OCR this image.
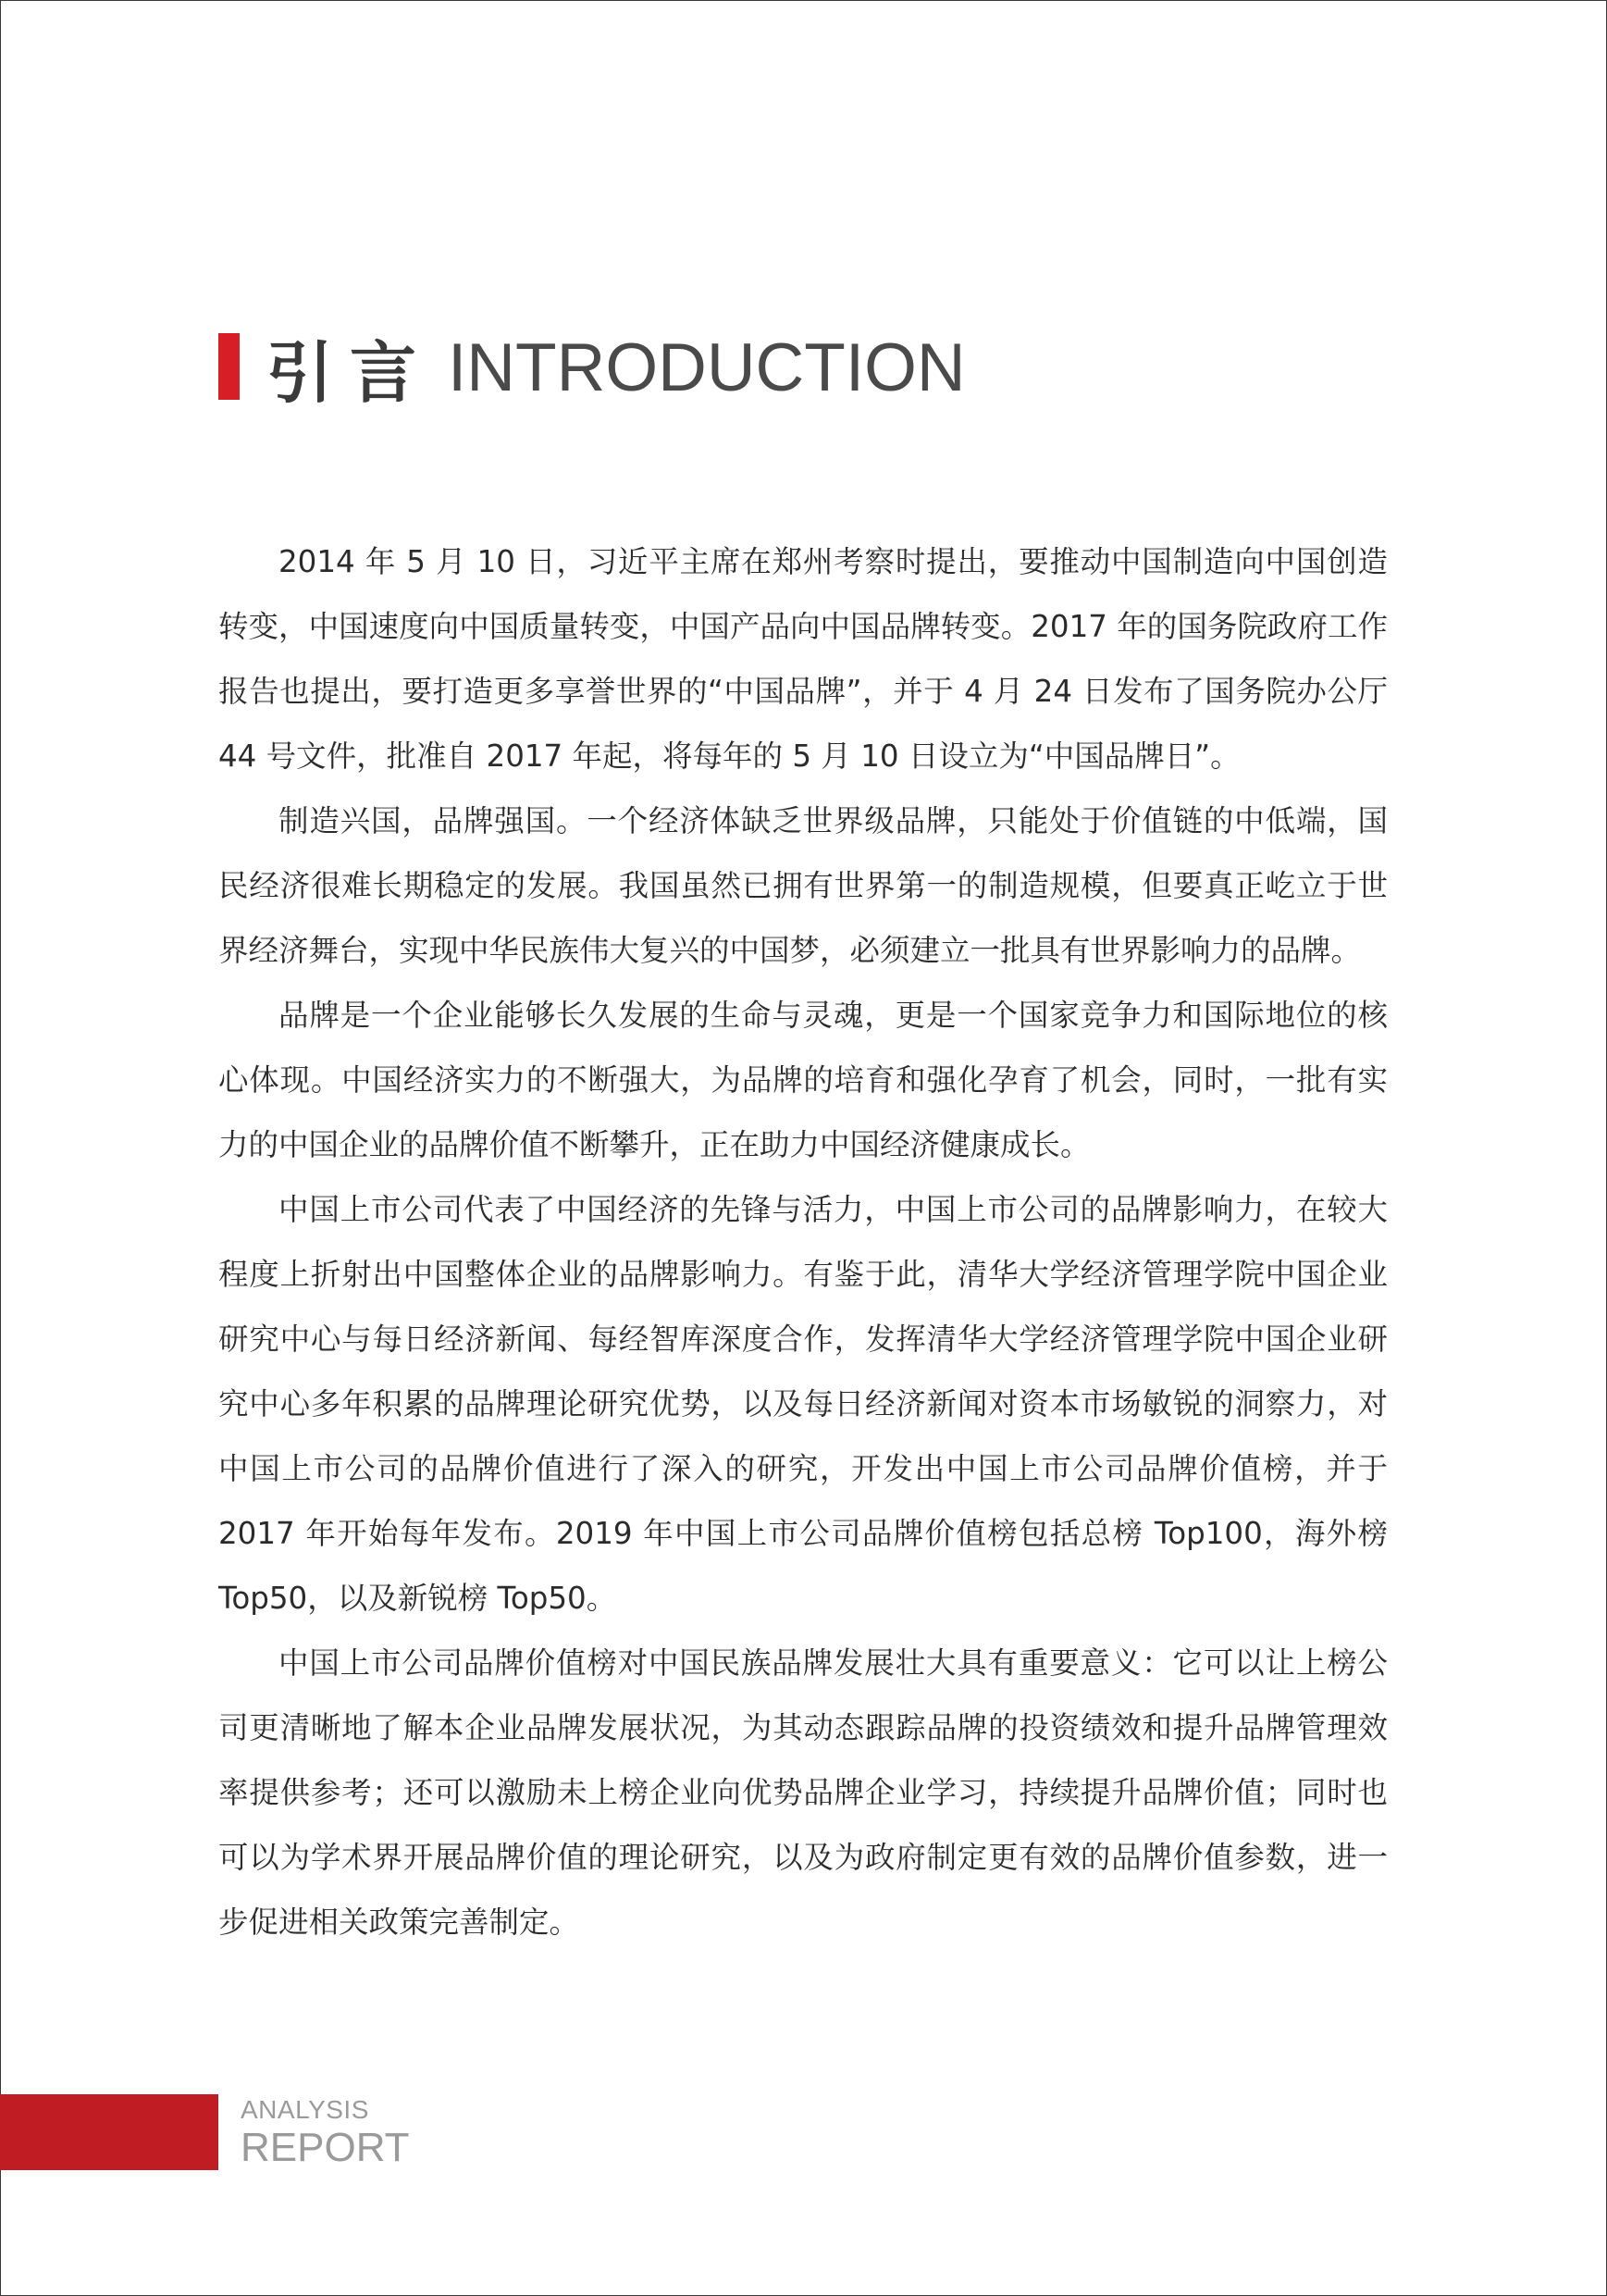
引言 INTRODUCTION

2014 年 5 月 10 日，习近平主席在郑州考察时提出，要推动中国制造向中国创造转变，中国速度向中国质量转变，中国产品向中国品牌转变。2017 年的国务院政府工作报告也提出，要打造更多享誉世界的“中国品牌”，并于 4 月 24 日发布了国务院办公厅 44 号文件，批准自 2017 年起，将每年的 5 月 10 日设立为“中国品牌日”。

制造兴国，品牌强国。一个经济体缺乏世界级品牌，只能处于价值链的中低端，国民经济很难长期稳定的发展。我国虽然已拥有世界第一的制造规模，但要真正屹立于世界经济舞台，实现中华民族伟大复兴的中国梦，必须建立一批具有世界影响力的品牌。

品牌是一个企业能够长久发展的生命与灵魂，更是一个国家竞争力和国际地位的核心体现。中国经济实力的不断强大，为品牌的培育和强化孕育了机会，同时，一批有实力的中国企业的品牌价值不断攀升，正在助力中国经济健康成长。

中国上市公司代表了中国经济的先锋与活力，中国上市公司的品牌影响力，在较大程度上折射出中国整体企业的品牌影响力。有鉴于此，清华大学经济管理学院中国企业研究中心与每日经济新闻、每经智库深度合作，发挥清华大学经济管理学院中国企业研究中心多年积累的品牌理论研究优势，以及每日经济新闻对资本市场敏锐的洞察力，对中国上市公司的品牌价值进行了深入的研究，开发出中国上市公司品牌价值榜，并于 2017 年开始每年发布。2019 年中国上市公司品牌价值榜包括总榜 Top100，海外榜 Top50，以及新锐榜 Top50。

中国上市公司品牌价值榜对中国民族品牌发展壮大具有重要意义：它可以让上榜公司更清晰地了解本企业品牌发展状况，为其动态跟踪品牌的投资绩效和提升品牌管理效率提供参考；还可以激励未上榜企业向优势品牌企业学习，持续提升品牌价值；同时也可以为学术界开展品牌价值的理论研究，以及为政府制定更有效的品牌价值参数，进一步促进相关政策完善制定。

ANALYSIS
REPORT
